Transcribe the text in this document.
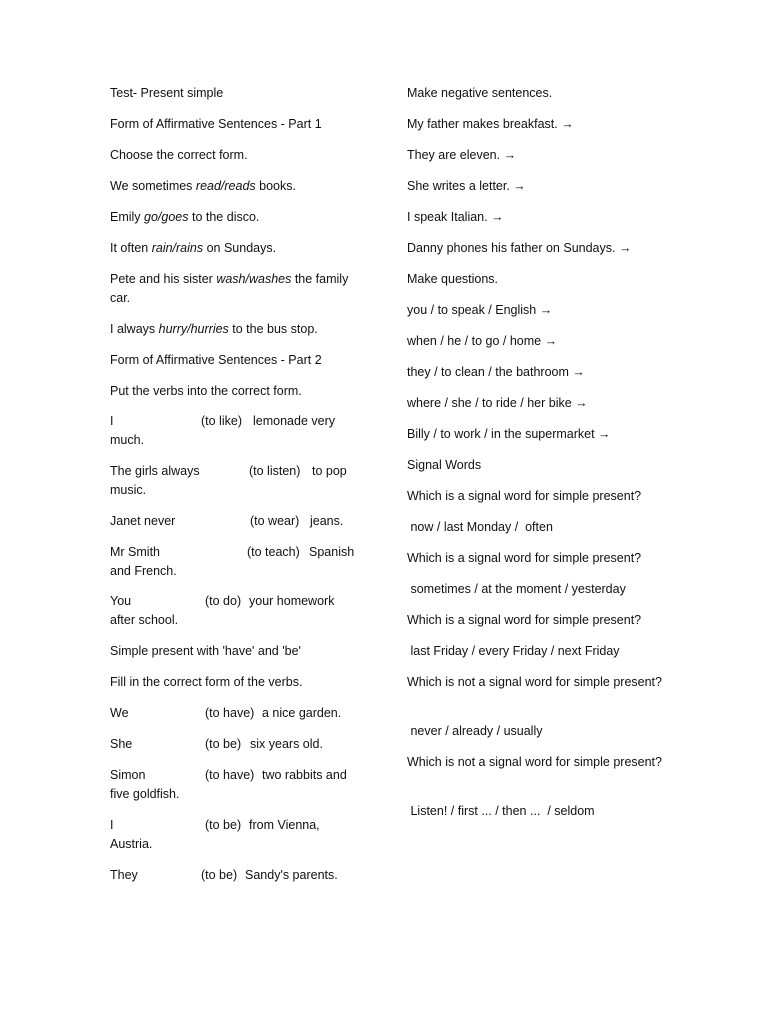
Test- Present simple
Form of Affirmative Sentences - Part 1
Choose the correct form.
We sometimes read/reads books.
Emily go/goes to the disco.
It often rain/rains on Sundays.
Pete and his sister wash/washes the family car.
I always hurry/hurries to the bus stop.
Form of Affirmative Sentences - Part 2
Put the verbs into the correct form.
I	(to like) lemonade very
much.
The girls always	(to listen) to pop
music.
Janet never	(to wear) jeans.
Mr Smith	(to teach) Spanish
and French.
You	(to do) your homework
after school.
Simple present with 'have' and 'be'
Fill in the correct form of the verbs.
We	(to have) a nice garden.
She	(to be) six years old.
Simon	(to have) two rabbits and
five goldfish.
I	(to be) from Vienna,
Austria.
They	(to be) Sandy's parents.
Make negative sentences.
My father makes breakfast. →
They are eleven. →
She writes a letter. →
I speak Italian. →
Danny phones his father on Sundays. →
Make questions.
you / to speak / English →
when / he / to go / home →
they / to clean / the bathroom →
where / she / to ride / her bike →
Billy / to work / in the supermarket →
Signal Words
Which is a signal word for simple present?
now / last Monday /  often
Which is a signal word for simple present?
sometimes / at the moment / yesterday
Which is a signal word for simple present?
last Friday / every Friday / next Friday
Which is not a signal word for simple present?
never / already / usually
Which is not a signal word for simple present?
Listen! / first ... / then ...  / seldom
